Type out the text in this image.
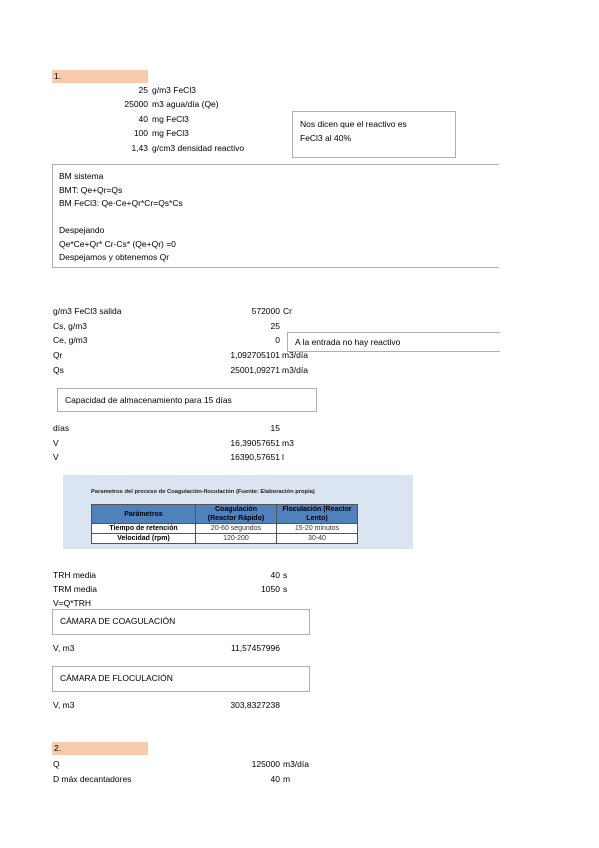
1.
25 g/m3 FeCl3
25000 m3 agua/día (Qe)
40 mg FeCl3
100 mg FeCl3
1,43 g/cm3 densidad reactivo
Nos dicen que el reactivo es
FeCl3 al 40%
BM sistema
BMT: Qe+Qr=Qs
BM FeCl3: Qe·Ce+Qr*Cr=Qs*Cs
Despejando
Qe*Ce+Qr* Cr-Cs* (Qe+Qr) =0
Despejamos y obtenemos Qr
g/m3 FeCl3 salida	572000 Cr
Cs, g/m3	25
Ce, g/m3	0 A la entrada no hay reactivo
Qr	1,092705101 m3/día
Qs	25001,09271 m3/día
Capacidad de almacenamiento para 15 días
días	15
V	16,39057651 m3
V	16390,57651 l
Parametros del proceso de Coagulación-floculación (Fuente: Elaboración propia)
Parámetros	Coagulación (Reactor Rápido)	Floculación (Reactor Lento)
Tiempo de retención	20-60 segundos	15-20 minutos
Velocidad (rpm)	120-200	30-40
TRH media	40 s
TRM media	1050 s
V=Q*TRH
CÁMARA DE COAGULACIÓN
V, m3	11,57457996
CÁMARA DE FLOCULACIÓN
V, m3	303,8327238
2.
Q	125000 m3/día
D máx decantadores	40 m
